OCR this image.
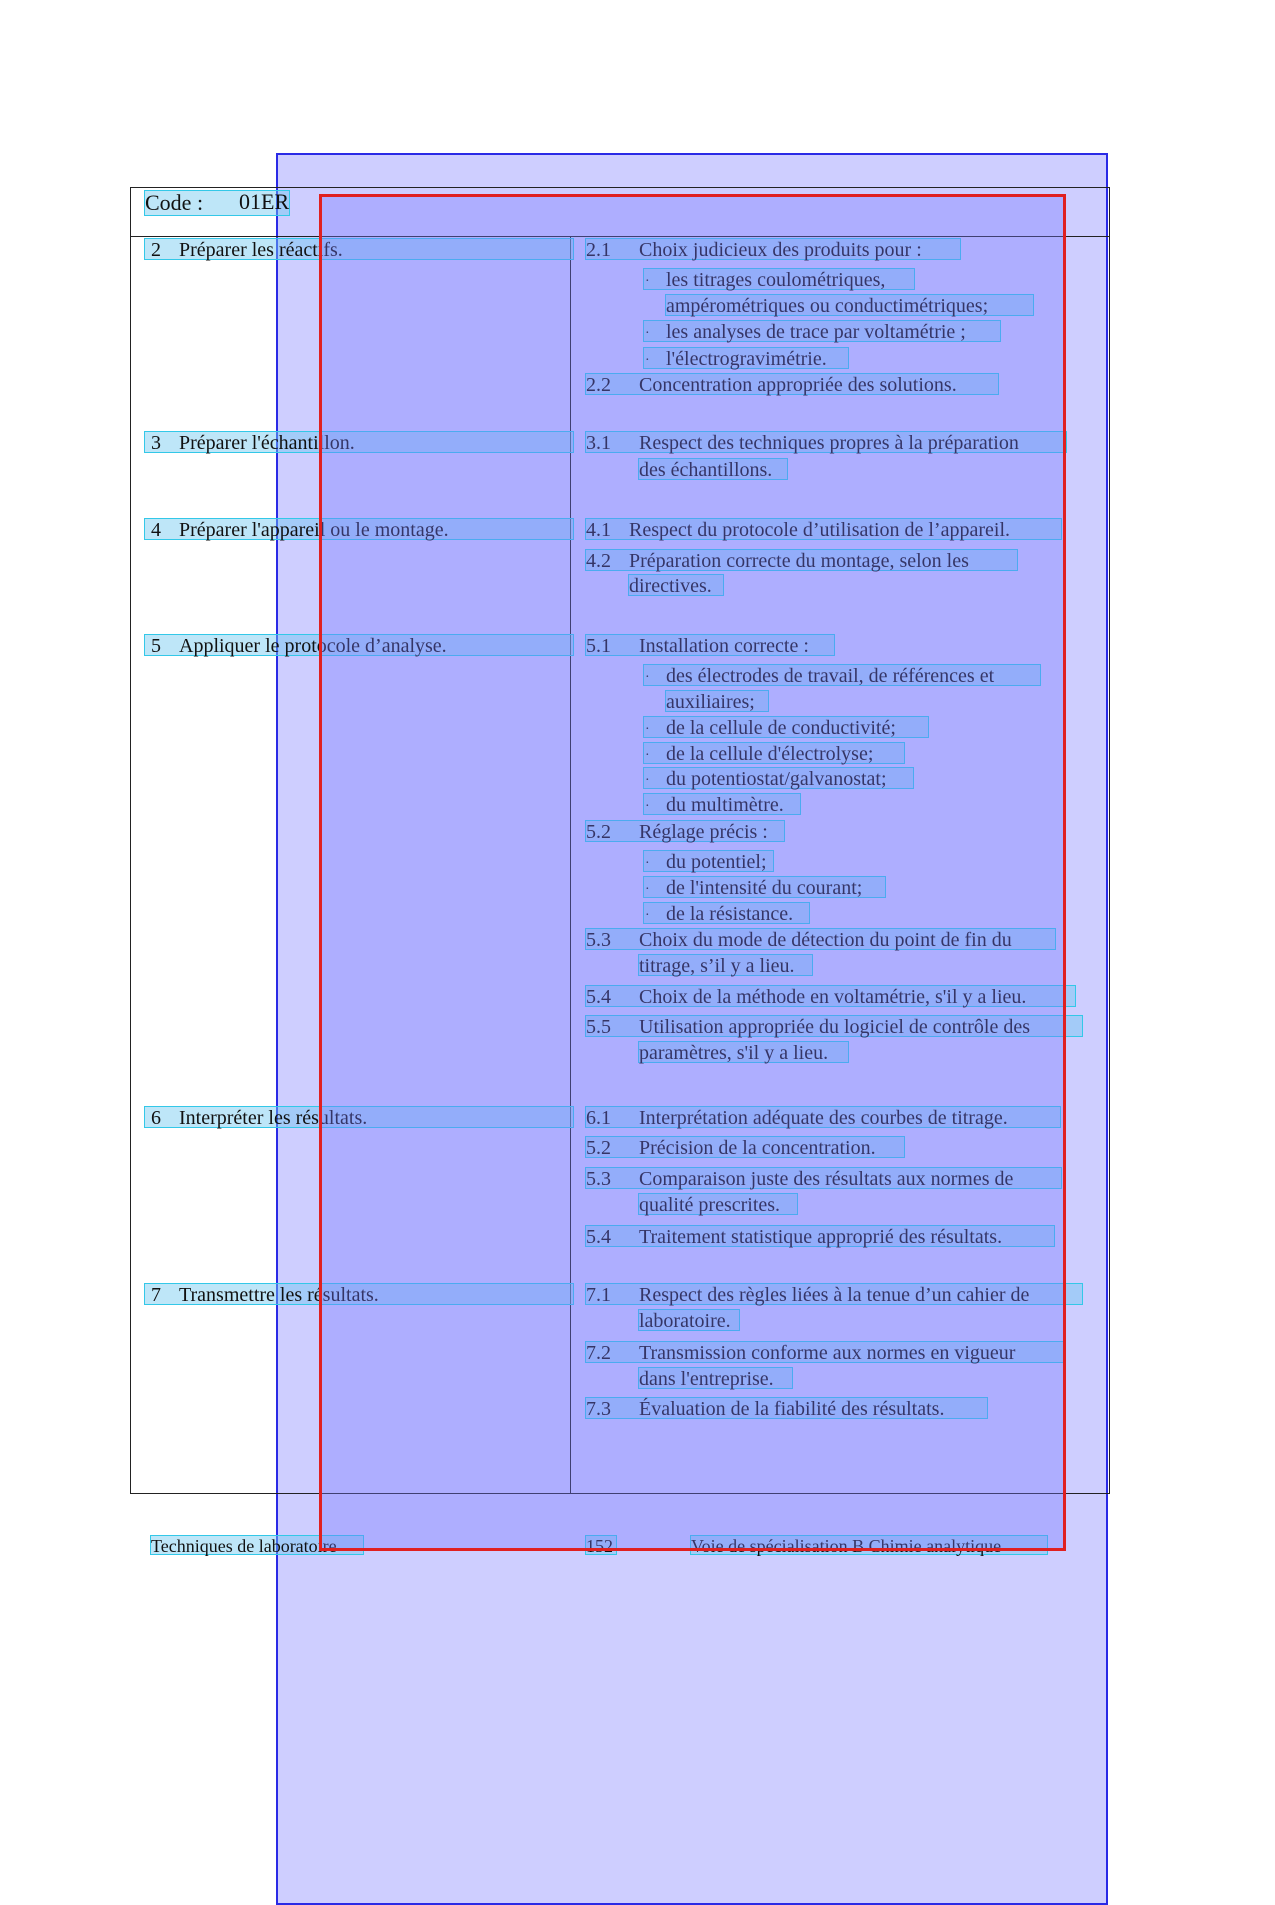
Code : 01ER
2 Préparer les réactifs.
3 Préparer l'échantillon.
4 Préparer l'appareil ou le montage.
5 Appliquer le protocole d’analyse.
6 Interpréter les résultats.
7 Transmettre les résultats.
2.1 Choix judicieux des produits pour :
· les titrages coulométriques,
ampérométriques ou conductimétriques;
· les analyses de trace par voltamétrie ;
· l'électrogravimétrie.
2.2 Concentration appropriée des solutions.
3.1 Respect des techniques propres à la préparation
des échantillons.
4.1 Respect du protocole d’utilisation de l’appareil.
4.2 Préparation correcte du montage, selon les
directives.
5.1 Installation correcte :
· des électrodes de travail, de références et
auxiliaires;
· de la cellule de conductivité;
· de la cellule d'électrolyse;
· du potentiostat/galvanostat;
· du multimètre.
5.2 Réglage précis :
· du potentiel;
· de l'intensité du courant;
· de la résistance.
5.3 Choix du mode de détection du point de fin du
titrage, s’il y a lieu.
5.4 Choix de la méthode en voltamétrie, s'il y a lieu.
5.5 Utilisation appropriée du logiciel de contrôle des
paramètres, s'il y a lieu.
6.1 Interprétation adéquate des courbes de titrage.
5.2 Précision de la concentration.
5.3 Comparaison juste des résultats aux normes de
qualité prescrites.
5.4 Traitement statistique approprié des résultats.
7.1 Respect des règles liées à la tenue d’un cahier de
laboratoire.
7.2 Transmission conforme aux normes en vigueur
dans l'entreprise.
7.3 Évaluation de la fiabilité des résultats.
Techniques de laboratoire	152	Voie de spécialisation B Chimie analytique
